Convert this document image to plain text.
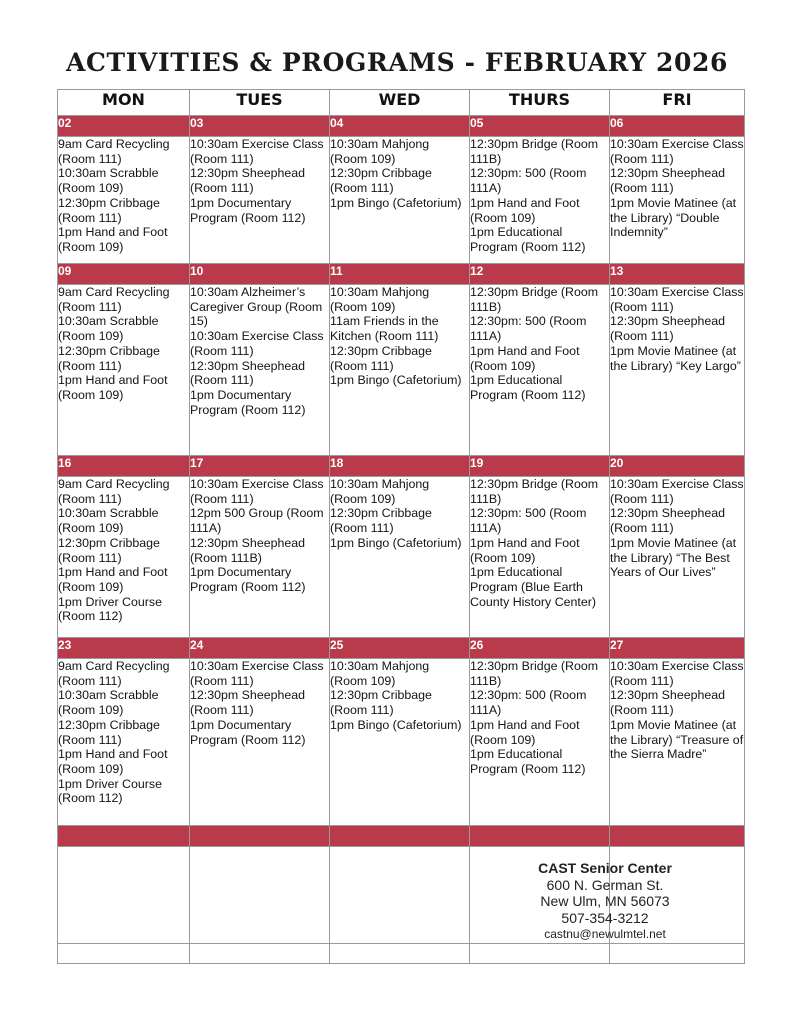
ACTIVITIES & PROGRAMS - FEBRUARY 2026
MON	TUES	WED	THURS	FRI
02	03	04	05	06

9am Card Recycling (Room 111)
10:30am Scrabble (Room 109)
12:30pm Cribbage (Room 111)
1pm Hand and Foot (Room 109)	10:30am Exercise Class (Room 111)
12:30pm Sheephead (Room 111)
1pm Documentary Program (Room 112)	10:30am Mahjong (Room 109)
12:30pm Cribbage (Room 111)
1pm Bingo (Cafetorium)	12:30pm Bridge (Room 111B)
12:30pm: 500 (Room 111A)
1pm Hand and Foot (Room 109)
1pm Educational Program (Room 112)	10:30am Exercise Class (Room 111)
12:30pm Sheephead (Room 111)
1pm Movie Matinee (at the Library) “Double Indemnity”

09	10	11	12	13

9am Card Recycling (Room 111)
10:30am Scrabble (Room 109)
12:30pm Cribbage (Room 111)
1pm Hand and Foot (Room 109)	10:30am Alzheimer’s Caregiver Group (Room 15)
10:30am Exercise Class (Room 111)
12:30pm Sheephead (Room 111)
1pm Documentary Program (Room 112)	10:30am Mahjong (Room 109)
11am Friends in the Kitchen (Room 111)
12:30pm Cribbage (Room 111)
1pm Bingo (Cafetorium)	12:30pm Bridge (Room 111B)
12:30pm: 500 (Room 111A)
1pm Hand and Foot (Room 109)
1pm Educational Program (Room 112)	10:30am Exercise Class (Room 111)
12:30pm Sheephead (Room 111)
1pm Movie Matinee (at the Library) “Key Largo”

16	17	18	19	20

9am Card Recycling (Room 111)
10:30am Scrabble (Room 109)
12:30pm Cribbage (Room 111)
1pm Hand and Foot (Room 109)
1pm Driver Course (Room 112)	10:30am Exercise Class (Room 111)
12pm 500 Group (Room 111A)
12:30pm Sheephead (Room 111B)
1pm Documentary Program (Room 112)	10:30am Mahjong (Room 109)
12:30pm Cribbage (Room 111)
1pm Bingo (Cafetorium)	12:30pm Bridge (Room 111B)
12:30pm: 500 (Room 111A)
1pm Hand and Foot (Room 109)
1pm Educational Program (Blue Earth County History Center)	10:30am Exercise Class (Room 111)
12:30pm Sheephead (Room 111)
1pm Movie Matinee (at the Library) “The Best Years of Our Lives”

23	24	25	26	27

9am Card Recycling (Room 111)
10:30am Scrabble (Room 109)
12:30pm Cribbage (Room 111)
1pm Hand and Foot (Room 109)
1pm Driver Course (Room 112)	10:30am Exercise Class (Room 111)
12:30pm Sheephead (Room 111)
1pm Documentary Program (Room 112)	10:30am Mahjong (Room 109)
12:30pm Cribbage (Room 111)
1pm Bingo (Cafetorium)	12:30pm Bridge (Room 111B)
12:30pm: 500 (Room 111A)
1pm Hand and Foot (Room 109)
1pm Educational Program (Room 112)	10:30am Exercise Class (Room 111)
12:30pm Sheephead (Room 111)
1pm Movie Matinee (at the Library) “Treasure of the Sierra Madre”

CAST Senior Center
600 N. German St.
New Ulm, MN 56073
507-354-3212
castnu@newulmtel.net
